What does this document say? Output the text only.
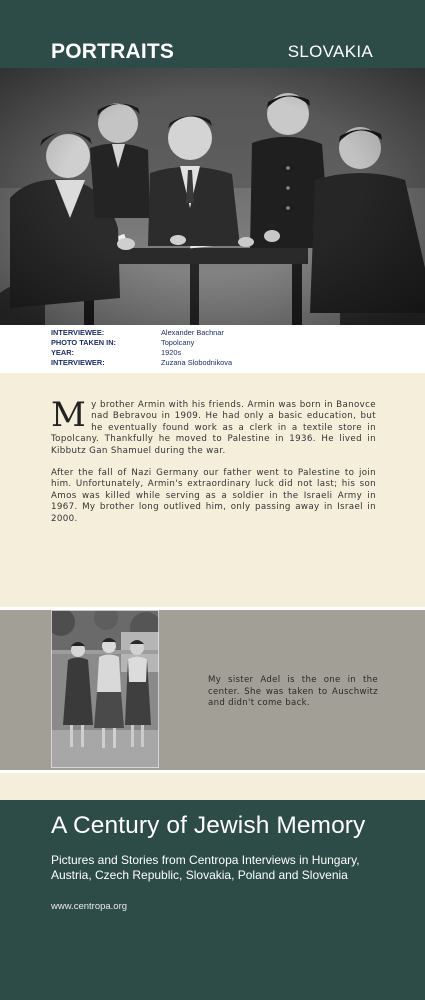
PORTRAITS	SLOVAKIA
INTERVIEWEE:	Alexander Bachnar
PHOTO TAKEN IN:	Topolcany
YEAR:	1920s
INTERVIEWER:	Zuzana Slobodnikova

My brother Armin with his friends. Armin was born in Banovce nad Bebravou in 1909. He had only a basic education, but he eventually found work as a clerk in a textile store in Topolcany. Thankfully he moved to Palestine in 1936. He lived in Kibbutz Gan Shamuel during the war.

After the fall of Nazi Germany our father went to Palestine to join him. Unfortunately, Armin's extraordinary luck did not last; his son Amos was killed while serving as a soldier in the Israeli Army in 1967. My brother long outlived him, only passing away in Israel in 2000.

My sister Adel is the one in the center. She was taken to Auschwitz and didn't come back.
A Century of Jewish Memory
Pictures and Stories from Centropa Interviews in Hungary, Austria, Czech Republic, Slovakia, Poland and Slovenia
www.centropa.org
